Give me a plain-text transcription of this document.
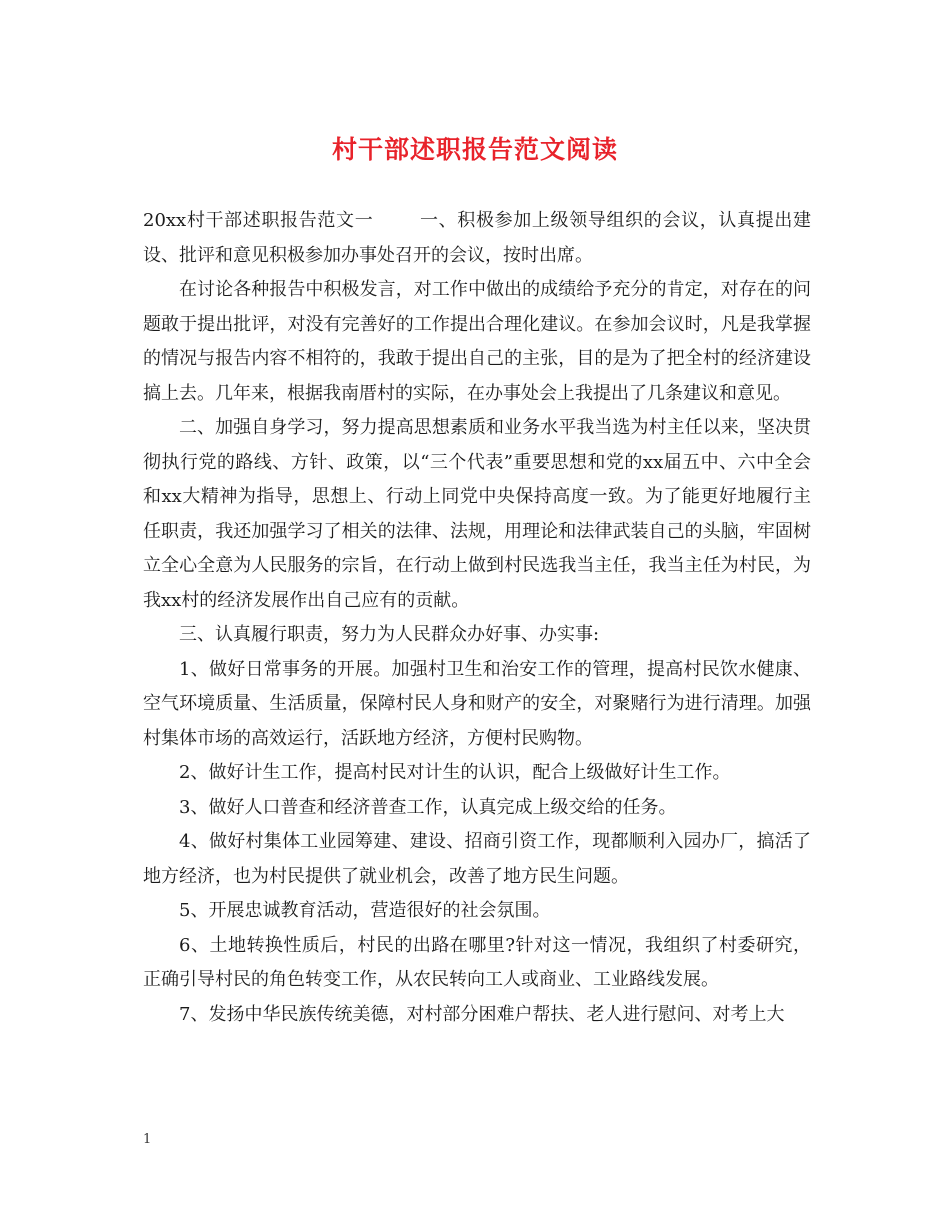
村干部述职报告范文阅读

20xx村干部述职报告范文一	一、积极参加上级领导组织的会议，认真提出建设、批评和意见积极参加办事处召开的会议，按时出席。

在讨论各种报告中积极发言，对工作中做出的成绩给予充分的肯定，对存在的问题敢于提出批评，对没有完善好的工作提出合理化建议。在参加会议时，凡是我掌握的情况与报告内容不相符的，我敢于提出自己的主张，目的是为了把全村的经济建设搞上去。几年来，根据我南厝村的实际，在办事处会上我提出了几条建议和意见。

二、加强自身学习，努力提高思想素质和业务水平我当选为村主任以来，坚决贯彻执行党的路线、方针、政策，以“三个代表”重要思想和党的xx届五中、六中全会和xx大精神为指导，思想上、行动上同党中央保持高度一致。为了能更好地履行主任职责，我还加强学习了相关的法律、法规，用理论和法律武装自己的头脑，牢固树立全心全意为人民服务的宗旨，在行动上做到村民选我当主任，我当主任为村民，为我xx村的经济发展作出自己应有的贡献。

三、认真履行职责，努力为人民群众办好事、办实事:

1、做好日常事务的开展。加强村卫生和治安工作的管理，提高村民饮水健康、空气环境质量、生活质量，保障村民人身和财产的安全，对聚赌行为进行清理。加强村集体市场的高效运行，活跃地方经济，方便村民购物。

2、做好计生工作，提高村民对计生的认识，配合上级做好计生工作。

3、做好人口普查和经济普查工作，认真完成上级交给的任务。

4、做好村集体工业园筹建、建设、招商引资工作，现都顺利入园办厂，搞活了地方经济，也为村民提供了就业机会，改善了地方民生问题。

5、开展忠诚教育活动，营造很好的社会氛围。

6、土地转换性质后，村民的出路在哪里?针对这一情况，我组织了村委研究，正确引导村民的角色转变工作，从农民转向工人或商业、工业路线发展。

7、发扬中华民族传统美德，对村部分困难户帮扶、老人进行慰问、对考上大

1
